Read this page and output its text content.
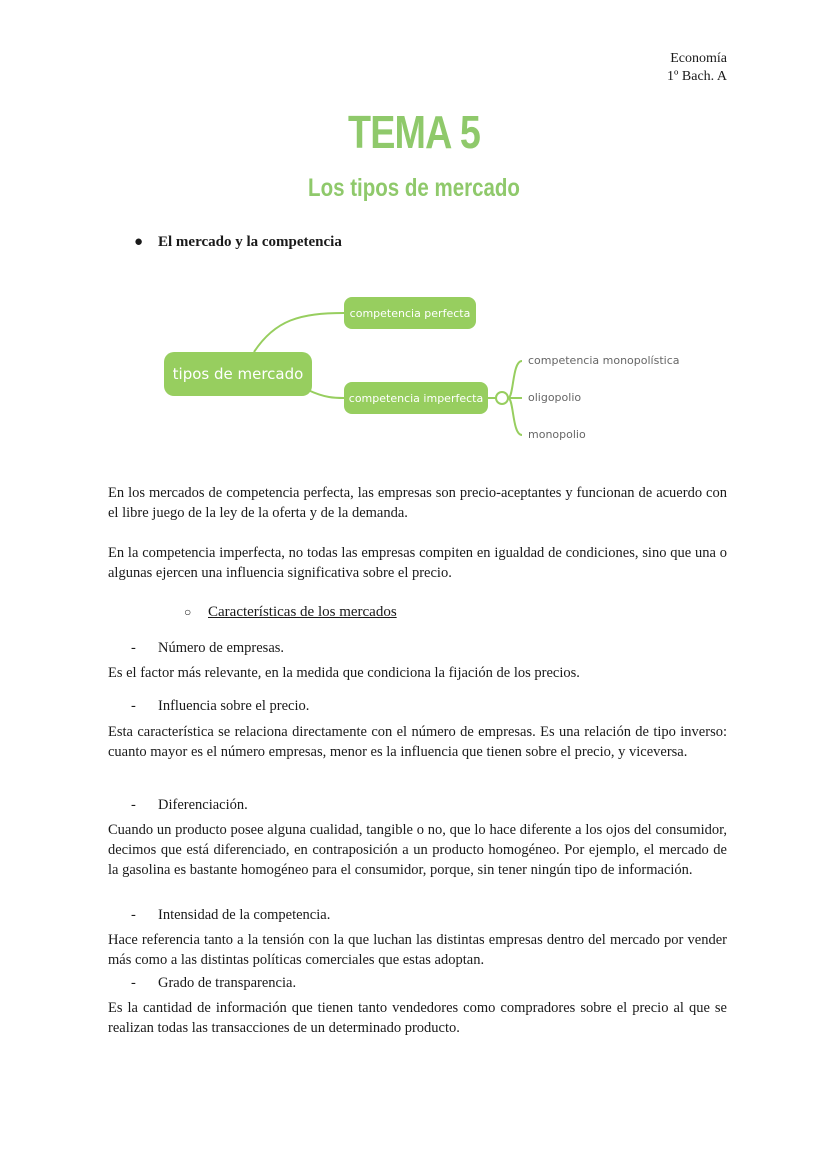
Economía
1º Bach. A
TEMA 5
Los tipos de mercado
● El mercado y la competencia
tipos de mercado
competencia perfecta
competencia imperfecta
competencia monopolística
oligopolio
monopolio
En los mercados de competencia perfecta, las empresas son precio-aceptantes y funcionan de acuerdo con el libre juego de la ley de la oferta y de la demanda.
En la competencia imperfecta, no todas las empresas compiten en igualdad de condiciones, sino que una o algunas ejercen una influencia significativa sobre el precio.
○ Características de los mercados
- Número de empresas.
Es el factor más relevante, en la medida que condiciona la fijación de los precios.
- Influencia sobre el precio.
Esta característica se relaciona directamente con el número de empresas. Es una relación de tipo inverso: cuanto mayor es el número empresas, menor es la influencia que tienen sobre el precio, y viceversa.
- Diferenciación.
Cuando un producto posee alguna cualidad, tangible o no, que lo hace diferente a los ojos del consumidor, decimos que está diferenciado, en contraposición a un producto homogéneo. Por ejemplo, el mercado de la gasolina es bastante homogéneo para el consumidor, porque, sin tener ningún tipo de información.
- Intensidad de la competencia.
Hace referencia tanto a la tensión con la que luchan las distintas empresas dentro del mercado por vender más como a las distintas políticas comerciales que estas adoptan.
- Grado de transparencia.
Es la cantidad de información que tienen tanto vendedores como compradores sobre el precio al que se realizan todas las transacciones de un determinado producto.
